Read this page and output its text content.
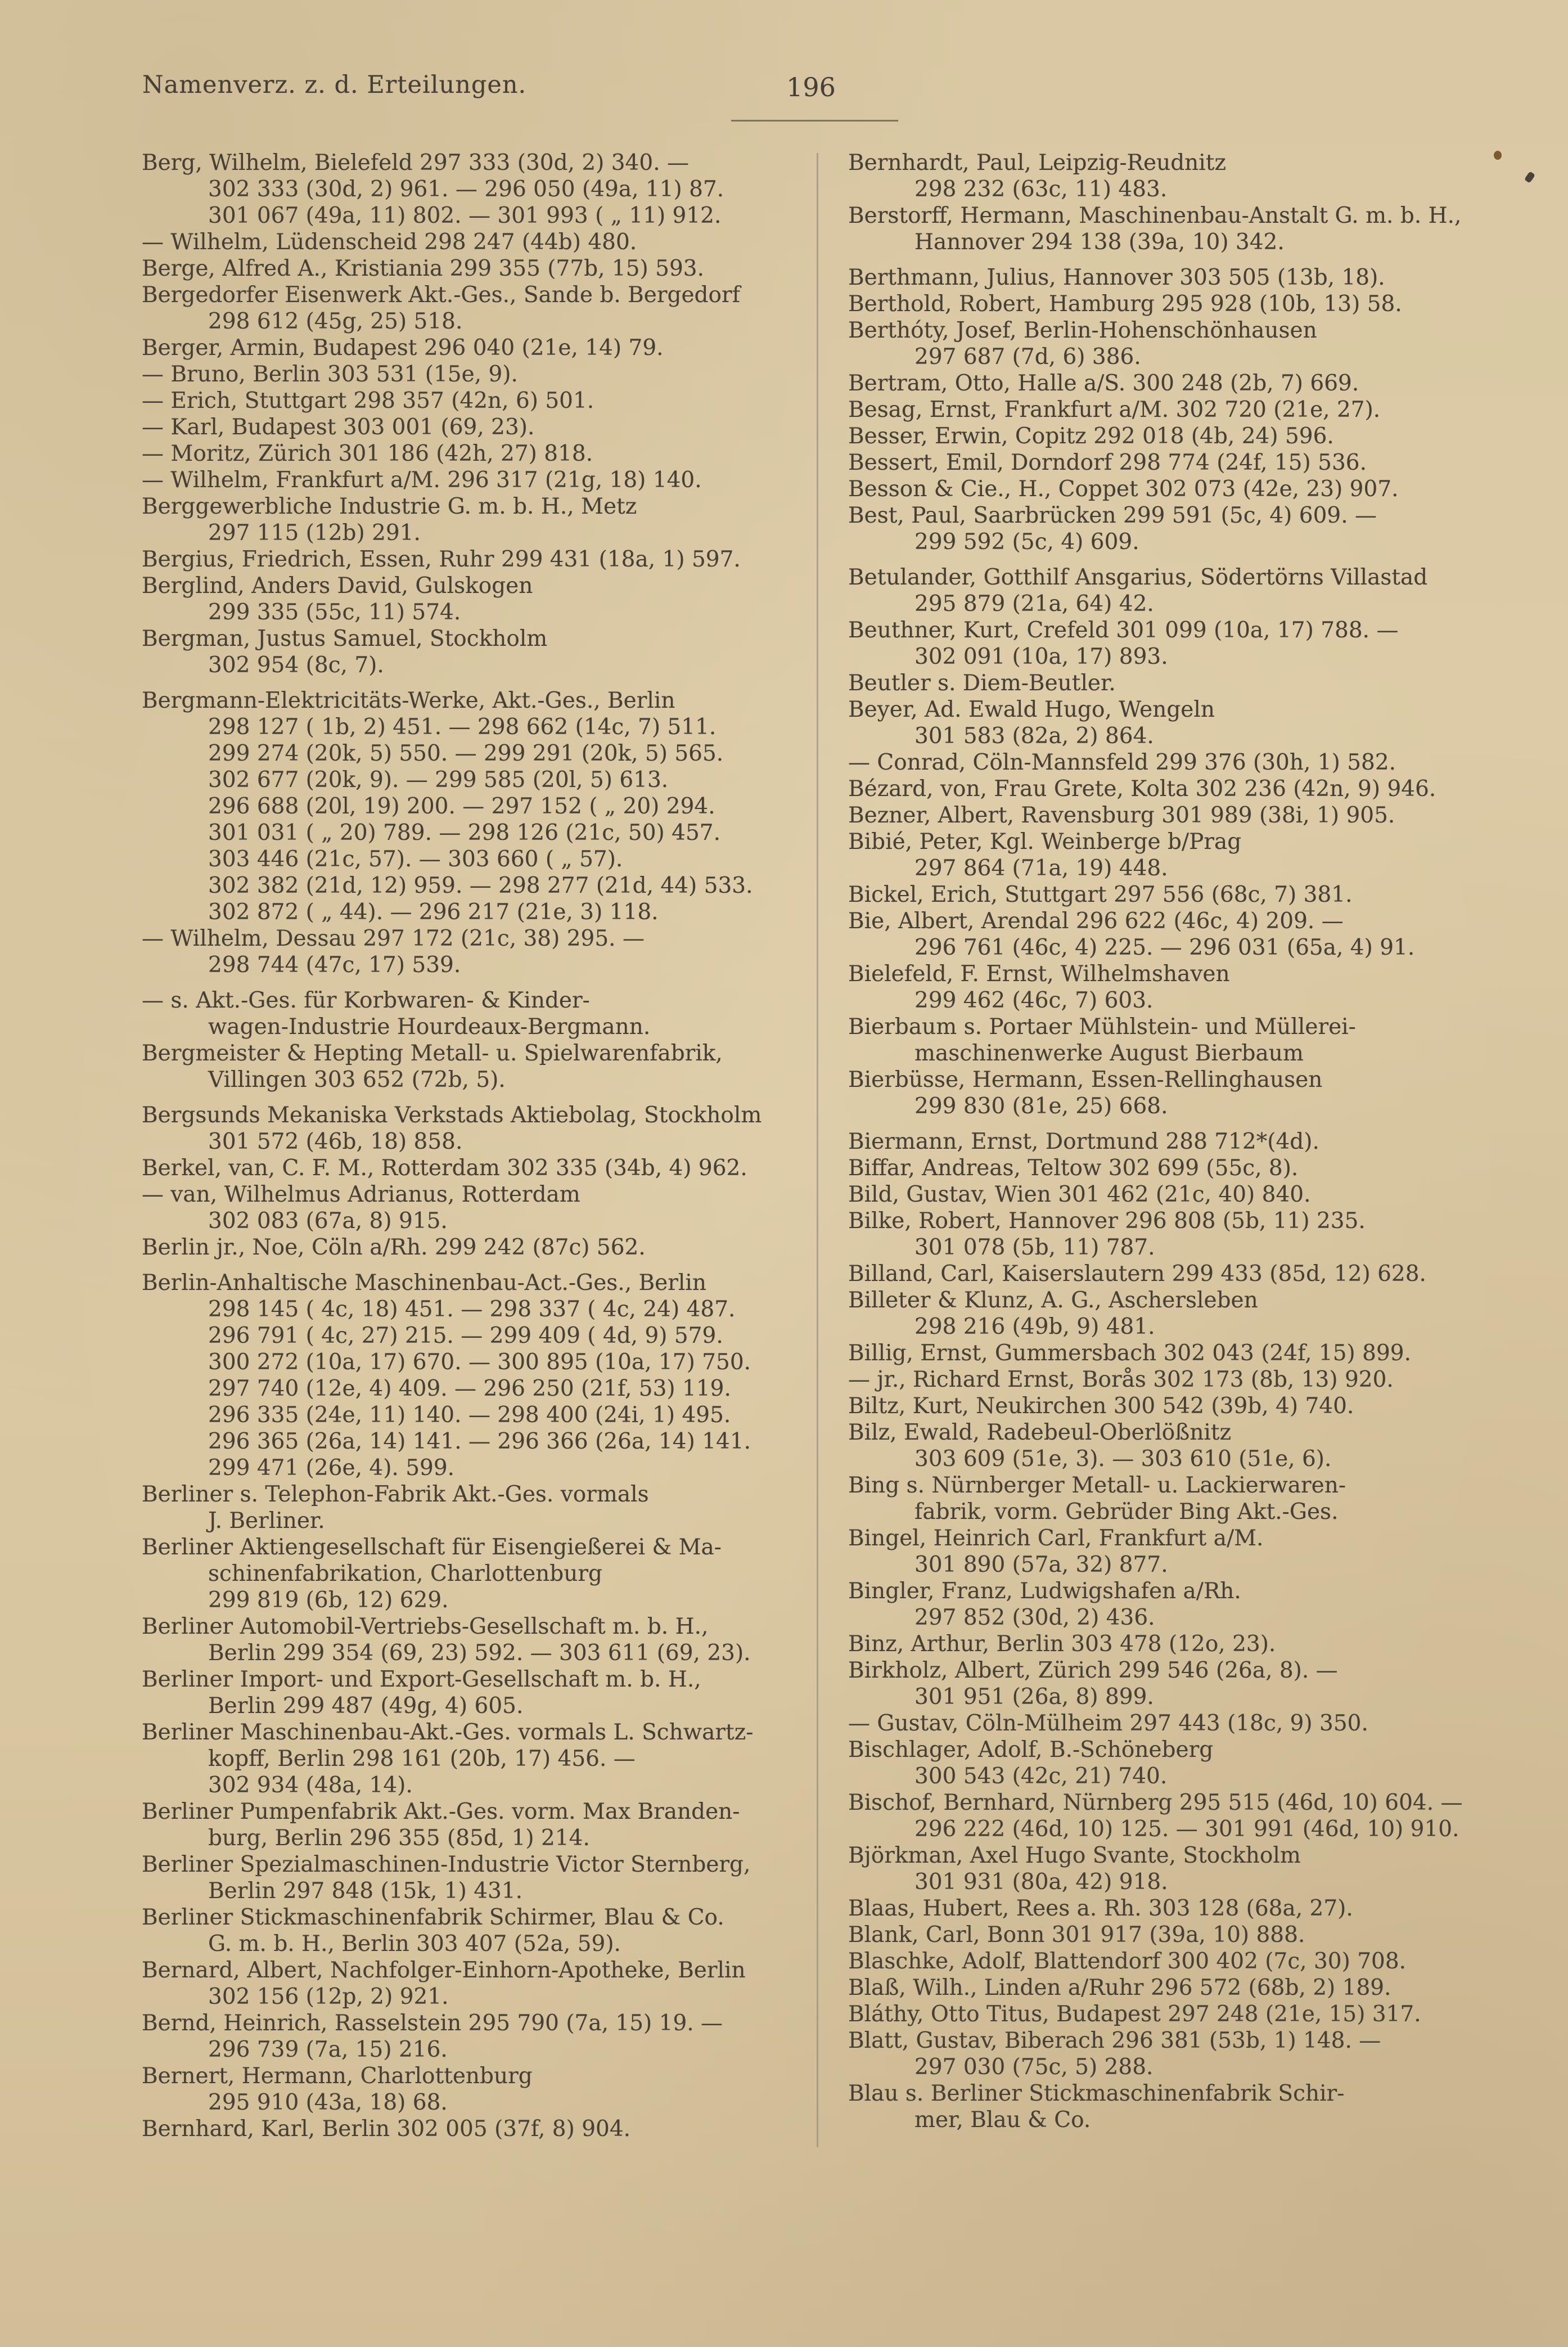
Namenverz. z. d. Erteilungen.	196
Berg, Wilhelm, Bielefeld 297 333 (30d, 2) 340. —
302 333 (30d, 2) 961. — 296 050 (49a, 11) 87.
301 067 (49a, 11) 802. — 301 993 ( „ 11) 912.
— Wilhelm, Lüdenscheid 298 247 (44b) 480.
Berge, Alfred A., Kristiania 299 355 (77b, 15) 593.
Bergedorfer Eisenwerk Akt.-Ges., Sande b. Bergedorf
298 612 (45g, 25) 518.
Berger, Armin, Budapest 296 040 (21e, 14) 79.
— Bruno, Berlin 303 531 (15e, 9).
— Erich, Stuttgart 298 357 (42n, 6) 501.
— Karl, Budapest 303 001 (69, 23).
— Moritz, Zürich 301 186 (42h, 27) 818.
— Wilhelm, Frankfurt a/M. 296 317 (21g, 18) 140.
Berggewerbliche Industrie G. m. b. H., Metz
297 115 (12b) 291.
Bergius, Friedrich, Essen, Ruhr 299 431 (18a, 1) 597.
Berglind, Anders David, Gulskogen
299 335 (55c, 11) 574.
Bergman, Justus Samuel, Stockholm
302 954 (8c, 7).
Bergmann-Elektricitäts-Werke, Akt.-Ges., Berlin
298 127 ( 1b, 2) 451. — 298 662 (14c, 7) 511.
299 274 (20k, 5) 550. — 299 291 (20k, 5) 565.
302 677 (20k, 9). — 299 585 (20l, 5) 613.
296 688 (20l, 19) 200. — 297 152 ( „ 20) 294.
301 031 ( „ 20) 789. — 298 126 (21c, 50) 457.
303 446 (21c, 57). — 303 660 ( „ 57).
302 382 (21d, 12) 959. — 298 277 (21d, 44) 533.
302 872 ( „ 44). — 296 217 (21e, 3) 118.
— Wilhelm, Dessau 297 172 (21c, 38) 295. —
298 744 (47c, 17) 539.
— s. Akt.-Ges. für Korbwaren- & Kinder-
wagen-Industrie Hourdeaux-Bergmann.
Bergmeister & Hepting Metall- u. Spielwarenfabrik,
Villingen 303 652 (72b, 5).
Bergsunds Mekaniska Verkstads Aktiebolag, Stockholm
301 572 (46b, 18) 858.
Berkel, van, C. F. M., Rotterdam 302 335 (34b, 4) 962.
— van, Wilhelmus Adrianus, Rotterdam
302 083 (67a, 8) 915.
Berlin jr., Noe, Cöln a/Rh. 299 242 (87c) 562.
Berlin-Anhaltische Maschinenbau-Act.-Ges., Berlin
298 145 ( 4c, 18) 451. — 298 337 ( 4c, 24) 487.
296 791 ( 4c, 27) 215. — 299 409 ( 4d, 9) 579.
300 272 (10a, 17) 670. — 300 895 (10a, 17) 750.
297 740 (12e, 4) 409. — 296 250 (21f, 53) 119.
296 335 (24e, 11) 140. — 298 400 (24i, 1) 495.
296 365 (26a, 14) 141. — 296 366 (26a, 14) 141.
299 471 (26e, 4). 599.
Berliner s. Telephon-Fabrik Akt.-Ges. vormals
J. Berliner.
Berliner Aktiengesellschaft für Eisengießerei & Ma-
schinenfabrikation, Charlottenburg
299 819 (6b, 12) 629.
Berliner Automobil-Vertriebs-Gesellschaft m. b. H.,
Berlin 299 354 (69, 23) 592. — 303 611 (69, 23).
Berliner Import- und Export-Gesellschaft m. b. H.,
Berlin 299 487 (49g, 4) 605.
Berliner Maschinenbau-Akt.-Ges. vormals L. Schwartz-
kopff, Berlin 298 161 (20b, 17) 456. —
302 934 (48a, 14).
Berliner Pumpenfabrik Akt.-Ges. vorm. Max Branden-
burg, Berlin 296 355 (85d, 1) 214.
Berliner Spezialmaschinen-Industrie Victor Sternberg,
Berlin 297 848 (15k, 1) 431.
Berliner Stickmaschinenfabrik Schirmer, Blau & Co.
G. m. b. H., Berlin 303 407 (52a, 59).
Bernard, Albert, Nachfolger-Einhorn-Apotheke, Berlin
302 156 (12p, 2) 921.
Bernd, Heinrich, Rasselstein 295 790 (7a, 15) 19. —
296 739 (7a, 15) 216.
Bernert, Hermann, Charlottenburg
295 910 (43a, 18) 68.
Bernhard, Karl, Berlin 302 005 (37f, 8) 904.
Bernhardt, Paul, Leipzig-Reudnitz
298 232 (63c, 11) 483.
Berstorff, Hermann, Maschinenbau-Anstalt G. m. b. H.,
Hannover 294 138 (39a, 10) 342.
Berthmann, Julius, Hannover 303 505 (13b, 18).
Berthold, Robert, Hamburg 295 928 (10b, 13) 58.
Berthóty, Josef, Berlin-Hohenschönhausen
297 687 (7d, 6) 386.
Bertram, Otto, Halle a/S. 300 248 (2b, 7) 669.
Besag, Ernst, Frankfurt a/M. 302 720 (21e, 27).
Besser, Erwin, Copitz 292 018 (4b, 24) 596.
Bessert, Emil, Dorndorf 298 774 (24f, 15) 536.
Besson & Cie., H., Coppet 302 073 (42e, 23) 907.
Best, Paul, Saarbrücken 299 591 (5c, 4) 609. —
299 592 (5c, 4) 609.
Betulander, Gotthilf Ansgarius, Södertörns Villastad
295 879 (21a, 64) 42.
Beuthner, Kurt, Crefeld 301 099 (10a, 17) 788. —
302 091 (10a, 17) 893.
Beutler s. Diem-Beutler.
Beyer, Ad. Ewald Hugo, Wengeln
301 583 (82a, 2) 864.
— Conrad, Cöln-Mannsfeld 299 376 (30h, 1) 582.
Bézard, von, Frau Grete, Kolta 302 236 (42n, 9) 946.
Bezner, Albert, Ravensburg 301 989 (38i, 1) 905.
Bibié, Peter, Kgl. Weinberge b/Prag
297 864 (71a, 19) 448.
Bickel, Erich, Stuttgart 297 556 (68c, 7) 381.
Bie, Albert, Arendal 296 622 (46c, 4) 209. —
296 761 (46c, 4) 225. — 296 031 (65a, 4) 91.
Bielefeld, F. Ernst, Wilhelmshaven
299 462 (46c, 7) 603.
Bierbaum s. Portaer Mühlstein- und Müllerei-
maschinenwerke August Bierbaum
Bierbüsse, Hermann, Essen-Rellinghausen
299 830 (81e, 25) 668.
Biermann, Ernst, Dortmund 288 712*(4d).
Biffar, Andreas, Teltow 302 699 (55c, 8).
Bild, Gustav, Wien 301 462 (21c, 40) 840.
Bilke, Robert, Hannover 296 808 (5b, 11) 235.
301 078 (5b, 11) 787.
Billand, Carl, Kaiserslautern 299 433 (85d, 12) 628.
Billeter & Klunz, A. G., Aschersleben
298 216 (49b, 9) 481.
Billig, Ernst, Gummersbach 302 043 (24f, 15) 899.
— jr., Richard Ernst, Borås 302 173 (8b, 13) 920.
Biltz, Kurt, Neukirchen 300 542 (39b, 4) 740.
Bilz, Ewald, Radebeul-Oberlößnitz
303 609 (51e, 3). — 303 610 (51e, 6).
Bing s. Nürnberger Metall- u. Lackierwaren-
fabrik, vorm. Gebrüder Bing Akt.-Ges.
Bingel, Heinrich Carl, Frankfurt a/M.
301 890 (57a, 32) 877.
Bingler, Franz, Ludwigshafen a/Rh.
297 852 (30d, 2) 436.
Binz, Arthur, Berlin 303 478 (12o, 23).
Birkholz, Albert, Zürich 299 546 (26a, 8). —
301 951 (26a, 8) 899.
— Gustav, Cöln-Mülheim 297 443 (18c, 9) 350.
Bischlager, Adolf, B.-Schöneberg
300 543 (42c, 21) 740.
Bischof, Bernhard, Nürnberg 295 515 (46d, 10) 604. —
296 222 (46d, 10) 125. — 301 991 (46d, 10) 910.
Björkman, Axel Hugo Svante, Stockholm
301 931 (80a, 42) 918.
Blaas, Hubert, Rees a. Rh. 303 128 (68a, 27).
Blank, Carl, Bonn 301 917 (39a, 10) 888.
Blaschke, Adolf, Blattendorf 300 402 (7c, 30) 708.
Blaß, Wilh., Linden a/Ruhr 296 572 (68b, 2) 189.
Bláthy, Otto Titus, Budapest 297 248 (21e, 15) 317.
Blatt, Gustav, Biberach 296 381 (53b, 1) 148. —
297 030 (75c, 5) 288.
Blau s. Berliner Stickmaschinenfabrik Schir-
mer, Blau & Co.
